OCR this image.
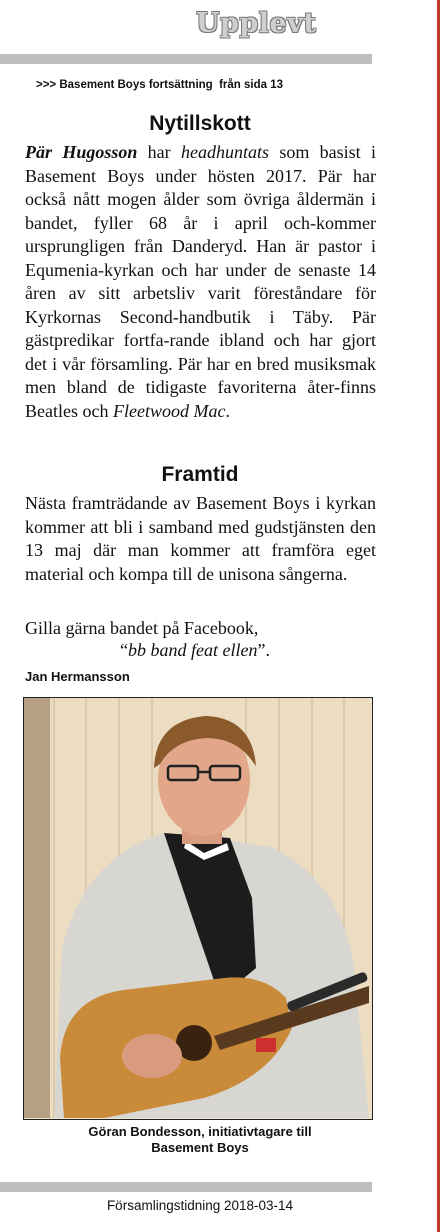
Upplevt

>>> Basement Boys fortsättning  från sida 13

Nytillskott

Pär Hugosson har headhuntats som basist i Basement Boys under hösten 2017. Pär har också nått mogen ålder som övriga åldermän i bandet, fyller 68 år i april och-kommer ursprungligen från Danderyd. Han är pastor i Equmenia-kyrkan och har under de senaste 14 åren av sitt arbetsliv varit föreståndare för Kyrkornas Second-handbutik i Täby. Pär gästpredikar fortfa-rande ibland och har gjort det i vår församling. Pär har en bred musiksmak men bland de tidigaste favoriterna åter-finns Beatles och Fleetwood Mac.

Framtid

Nästa framträdande av Basement Boys i kyrkan kommer att bli i samband med gudstjänsten den 13 maj där man kommer att framföra eget material och kompa till de unisona sångerna.

Gilla gärna bandet på Facebook,

“bb band feat ellen”.

Jan Hermansson

Göran Bondesson, initiativtagare till
Basement Boys

Församlingstidning 2018-03-14
